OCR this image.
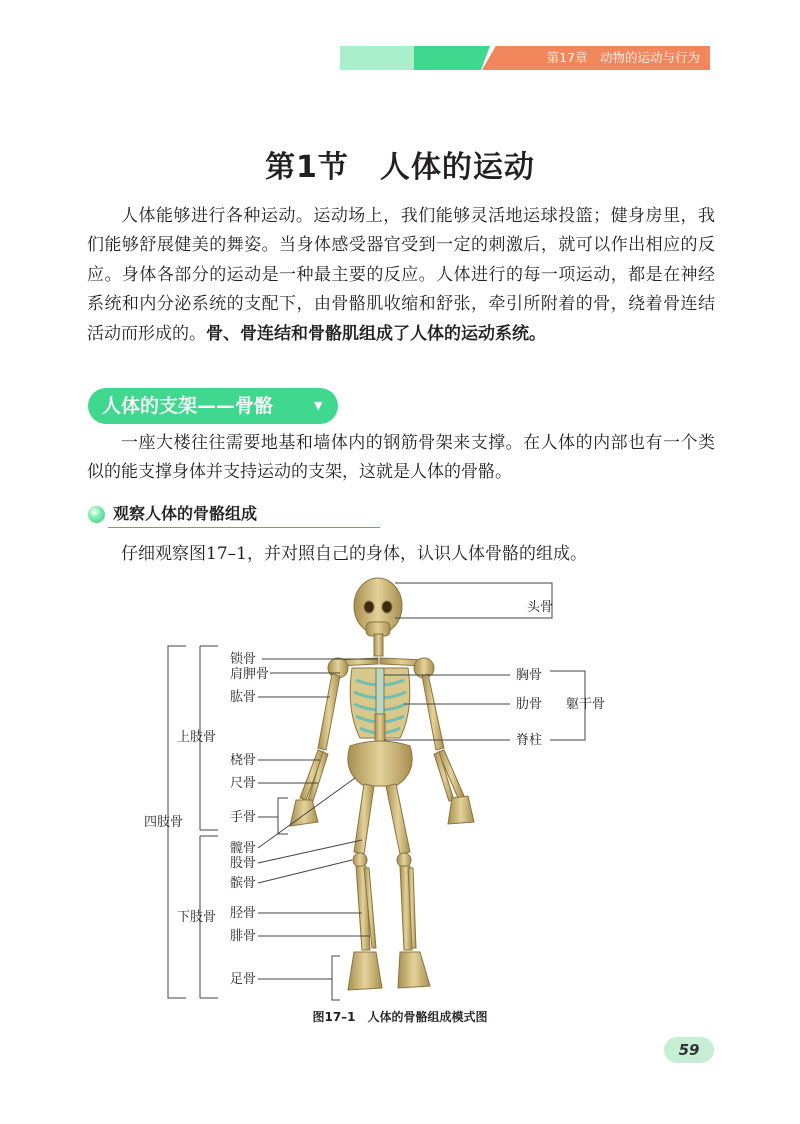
第17章　动物的运动与行为
第1节　人体的运动

人体能够进行各种运动。运动场上，我们能够灵活地运球投篮；健身房里，我们能够舒展健美的舞姿。当身体感受器官受到一定的刺激后，就可以作出相应的反应。身体各部分的运动是一种最主要的反应。人体进行的每一项运动，都是在神经系统和内分泌系统的支配下，由骨骼肌收缩和舒张，牵引所附着的骨，绕着骨连结活动而形成的。骨、骨连结和骨骼肌组成了人体的运动系统。

人体的支架——骨骼	▼

一座大楼往往需要地基和墙体内的钢筋骨架来支撑。在人体的内部也有一个类似的能支撑身体并支持运动的支架，这就是人体的骨骼。

观察人体的骨骼组成

仔细观察图17–1，并对照自己的身体，认识人体骨骼的组成。

头骨
锁骨
肩胛骨
肱骨
上肢骨
桡骨
尺骨
手骨
四肢骨
髋骨
股骨
髌骨
下肢骨 胫骨
腓骨
足骨
胸骨
肋骨
脊柱
躯干骨
图17–1　人体的骨骼组成模式图
59
